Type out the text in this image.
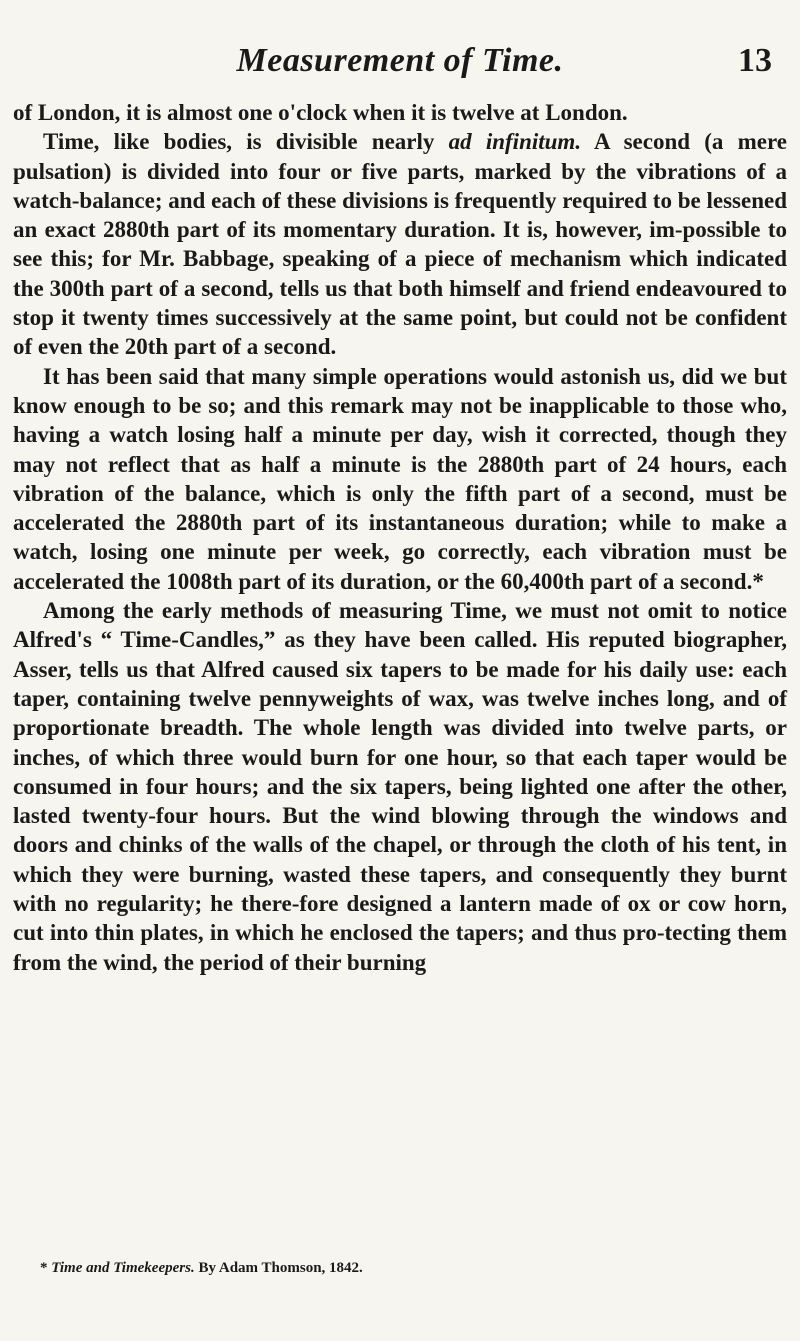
Measurement of Time.	13

of London, it is almost one o'clock when it is twelve at London.

Time, like bodies, is divisible nearly ad infinitum. A second (a mere pulsation) is divided into four or five parts, marked by the vibrations of a watch-balance; and each of these divisions is frequently required to be lessened an exact 2880th part of its momentary duration. It is, however, im-possible to see this; for Mr. Babbage, speaking of a piece of mechanism which indicated the 300th part of a second, tells us that both himself and friend endeavoured to stop it twenty times successively at the same point, but could not be confident of even the 20th part of a second.

It has been said that many simple operations would astonish us, did we but know enough to be so; and this remark may not be inapplicable to those who, having a watch losing half a minute per day, wish it corrected, though they may not reflect that as half a minute is the 2880th part of 24 hours, each vibration of the balance, which is only the fifth part of a second, must be accelerated the 2880th part of its instantaneous duration; while to make a watch, losing one minute per week, go correctly, each vibration must be accelerated the 1008th part of its duration, or the 60,400th part of a second.*

Among the early methods of measuring Time, we must not omit to notice Alfred's “ Time-Candles,” as they have been called. His reputed biographer, Asser, tells us that Alfred caused six tapers to be made for his daily use: each taper, containing twelve pennyweights of wax, was twelve inches long, and of proportionate breadth. The whole length was divided into twelve parts, or inches, of which three would burn for one hour, so that each taper would be consumed in four hours; and the six tapers, being lighted one after the other, lasted twenty-four hours. But the wind blowing through the windows and doors and chinks of the walls of the chapel, or through the cloth of his tent, in which they were burning, wasted these tapers, and consequently they burnt with no regularity; he there-fore designed a lantern made of ox or cow horn, cut into thin plates, in which he enclosed the tapers; and thus pro-tecting them from the wind, the period of their burning

* Time and Timekeepers. By Adam Thomson, 1842.
